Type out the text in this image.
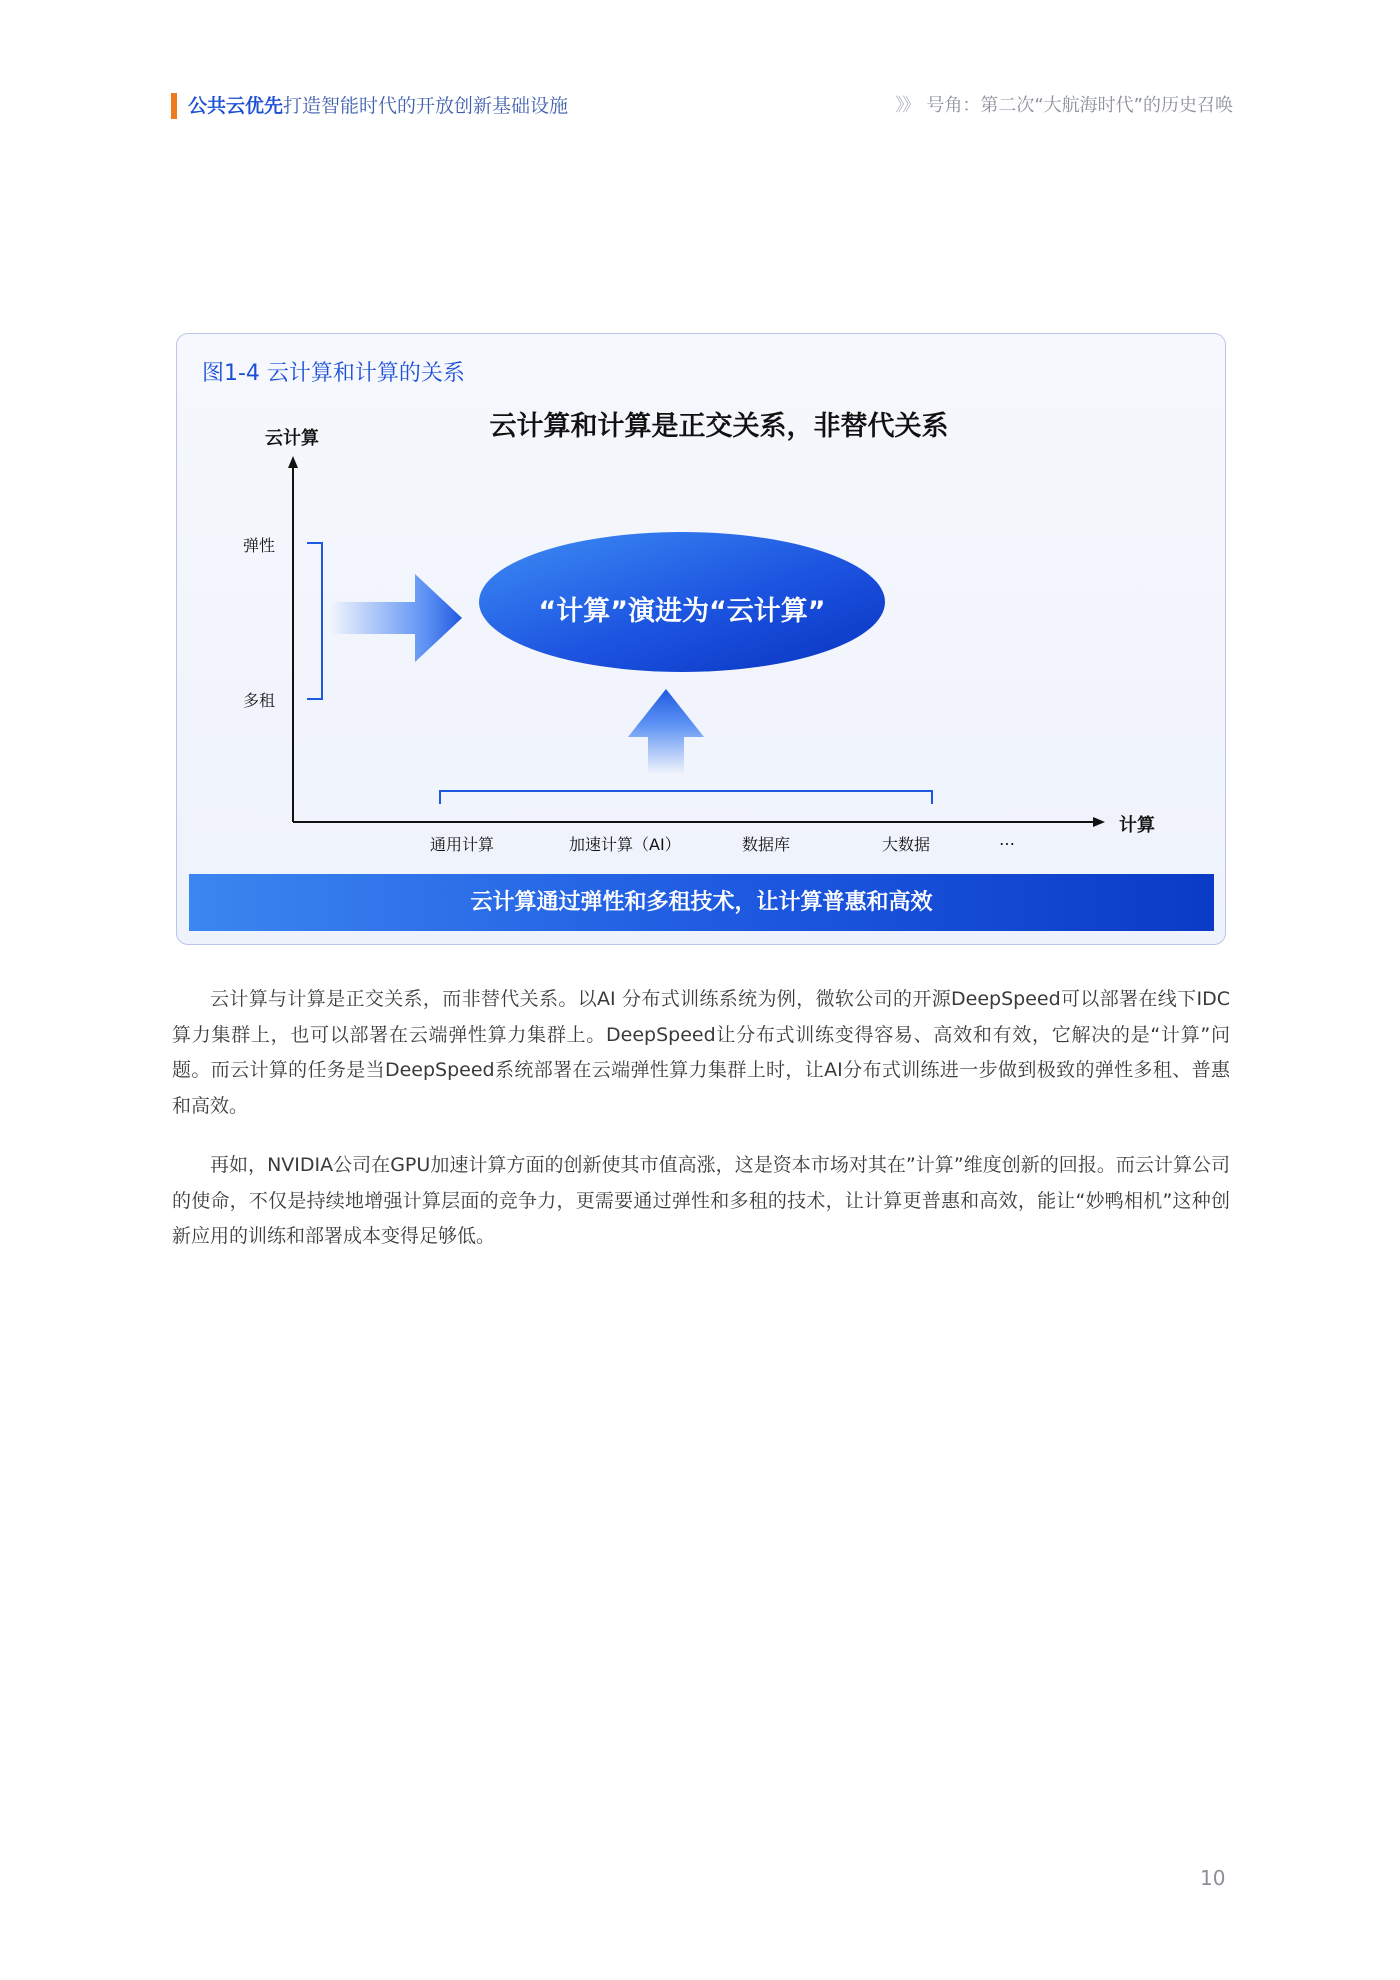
公共云优先打造智能时代的开放创新基础设施	》》 号角：第二次“大航海时代”的历史召唤
图1-4 云计算和计算的关系
云计算和计算是正交关系，非替代关系
云计算
计算
弹性
多租
通用计算	加速计算（AI）	数据库	大数据	…
“计算”演进为“云计算”
云计算通过弹性和多租技术，让计算普惠和高效

云计算与计算是正交关系，而非替代关系。以AI 分布式训练系统为例，微软公司的开源DeepSpeed可以部署在线下IDC算力集群上，也可以部署在云端弹性算力集群上。DeepSpeed让分布式训练变得容易、高效和有效，它解决的是“计算”问题。而云计算的任务是当DeepSpeed系统部署在云端弹性算力集群上时，让AI分布式训练进一步做到极致的弹性多租、普惠和高效。

再如，NVIDIA公司在GPU加速计算方面的创新使其市值高涨，这是资本市场对其在”计算”维度创新的回报。而云计算公司的使命，不仅是持续地增强计算层面的竞争力，更需要通过弹性和多租的技术，让计算更普惠和高效，能让“妙鸭相机”这种创新应用的训练和部署成本变得足够低。

10
